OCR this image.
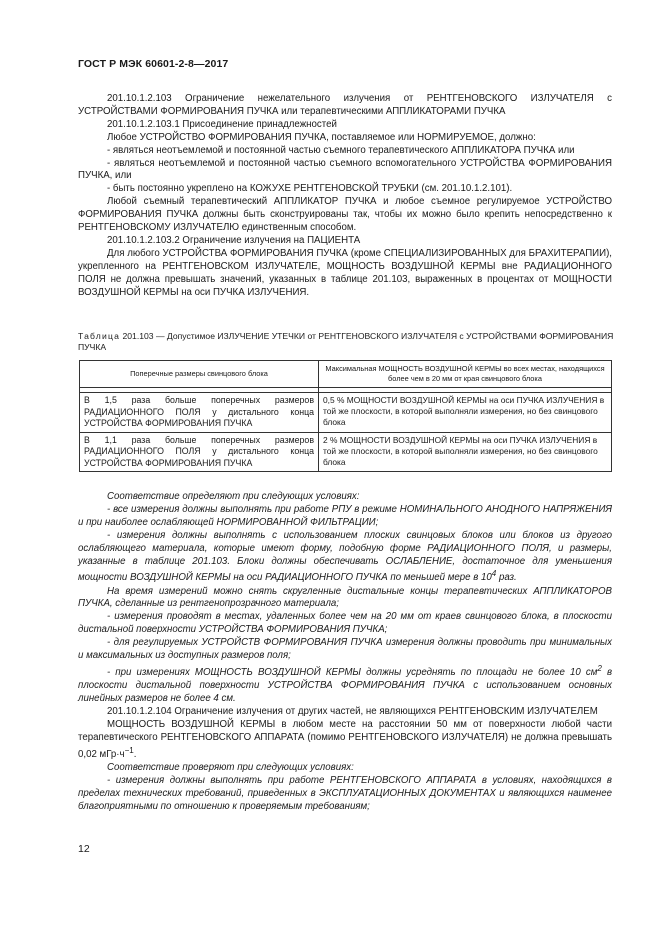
ГОСТ Р МЭК 60601-2-8—2017

201.10.1.2.103 Ограничение нежелательного излучения от РЕНТГЕНОВСКОГО ИЗЛУЧАТЕЛЯ с УСТРОЙСТВАМИ ФОРМИРОВАНИЯ ПУЧКА или терапевтическими АППЛИКАТОРАМИ ПУЧКА

201.10.1.2.103.1 Присоединение принадлежностей

Любое УСТРОЙСТВО ФОРМИРОВАНИЯ ПУЧКА, поставляемое или НОРМИРУЕМОЕ, должно:

- являться неотъемлемой и постоянной частью съемного терапевтического АППЛИКАТОРА ПУЧКА или

- являться неотъемлемой и постоянной частью съемного вспомогательного УСТРОЙСТВА ФОРМИРОВАНИЯ ПУЧКА, или

- быть постоянно укреплено на КОЖУХЕ РЕНТГЕНОВСКОЙ ТРУБКИ (см. 201.10.1.2.101).

Любой съемный терапевтический АППЛИКАТОР ПУЧКА и любое съемное регулируемое УСТРОЙСТВО ФОРМИРОВАНИЯ ПУЧКА должны быть сконструированы так, чтобы их можно было крепить непосредственно к РЕНТГЕНОВСКОМУ ИЗЛУЧАТЕЛЮ единственным способом.

201.10.1.2.103.2 Ограничение излучения на ПАЦИЕНТА

Для любого УСТРОЙСТВА ФОРМИРОВАНИЯ ПУЧКА (кроме СПЕЦИАЛИЗИРОВАННЫХ для БРАХИТЕРАПИИ), укрепленного на РЕНТГЕНОВСКОМ ИЗЛУЧАТЕЛЕ, МОЩНОСТЬ ВОЗДУШНОЙ КЕРМЫ вне РАДИАЦИОННОГО ПОЛЯ не должна превышать значений, указанных в таблице 201.103, выраженных в процентах от МОЩНОСТИ ВОЗДУШНОЙ КЕРМЫ на оси ПУЧКА ИЗЛУЧЕНИЯ.

Таблица 201.103 — Допустимое ИЗЛУЧЕНИЕ УТЕЧКИ от РЕНТГЕНОВСКОГО ИЗЛУЧАТЕЛЯ с УСТРОЙСТВАМИ ФОРМИРОВАНИЯ ПУЧКА
Поперечные размеры свинцового блока	Максимальная МОЩНОСТЬ ВОЗДУШНОЙ КЕРМЫ во всех местах, находящихся более чем в 20 мм от края свинцового блока

В 1,5 раза больше поперечных размеров РАДИАЦИОННОГО ПОЛЯ у дистального конца УСТРОЙСТВА ФОРМИРОВАНИЯ ПУЧКА	0,5 % МОЩНОСТИ ВОЗДУШНОЙ КЕРМЫ на оси ПУЧКА ИЗЛУЧЕНИЯ в той же плоскости, в которой выполняли измерения, но без свинцового блока
В 1,1 раза больше поперечных размеров РАДИАЦИОННОГО ПОЛЯ у дистального конца УСТРОЙСТВА ФОРМИРОВАНИЯ ПУЧКА	2 % МОЩНОСТИ ВОЗДУШНОЙ КЕРМЫ на оси ПУЧКА ИЗЛУЧЕНИЯ в той же плоскости, в которой выполняли измерения, но без свинцового блока

Соответствие определяют при следующих условиях:

- все измерения должны выполнять при работе РПУ в режиме НОМИНАЛЬНОГО АНОДНОГО НАПРЯЖЕНИЯ и при наиболее ослабляющей НОРМИРОВАННОЙ ФИЛЬТРАЦИИ;

- измерения должны выполнять с использованием плоских свинцовых блоков или блоков из другого ослабляющего материала, которые имеют форму, подобную форме РАДИАЦИОННОГО ПОЛЯ, и размеры, указанные в таблице 201.103. Блоки должны обеспечивать ОСЛАБЛЕНИЕ, достаточное для уменьшения мощности ВОЗДУШНОЙ КЕРМЫ на оси РАДИАЦИОННОГО ПУЧКА по меньшей мере в $10^4$ раз.

На время измерений можно снять скругленные дистальные концы терапевтических АППЛИКАТОРОВ ПУЧКА, сделанные из рентгенопрозрачного материала;

- измерения проводят в местах, удаленных более чем на 20 мм от краев свинцового блока, в плоскости дистальной поверхности УСТРОЙСТВА ФОРМИРОВАНИЯ ПУЧКА;

- для регулируемых УСТРОЙСТВ ФОРМИРОВАНИЯ ПУЧКА измерения должны проводить при минимальных и максимальных из доступных размеров поля;

- при измерениях МОЩНОСТЬ ВОЗДУШНОЙ КЕРМЫ должны усреднять по площади не более 10 $см^2$ в плоскости дистальной поверхности УСТРОЙСТВА ФОРМИРОВАНИЯ ПУЧКА с использованием основных линейных размеров не более 4 см.

201.10.1.2.104 Ограничение излучения от других частей, не являющихся РЕНТГЕНОВСКИМ ИЗЛУЧАТЕЛЕМ

МОЩНОСТЬ ВОЗДУШНОЙ КЕРМЫ в любом месте на расстоянии 50 мм от поверхности любой части терапевтического РЕНТГЕНОВСКОГО АППАРАТА (помимо РЕНТГЕНОВСКОГО ИЗЛУЧАТЕЛЯ) не должна превышать 0,02 $мГр\cdot ч^{-1}$.

Соответствие проверяют при следующих условиях:

- измерения должны выполнять при работе РЕНТГЕНОВСКОГО АППАРАТА в условиях, находящихся в пределах технических требований, приведенных в ЭКСПЛУАТАЦИОННЫХ ДОКУМЕНТАХ и являющихся наименее благоприятными по отношению к проверяемым требованиям;

12
